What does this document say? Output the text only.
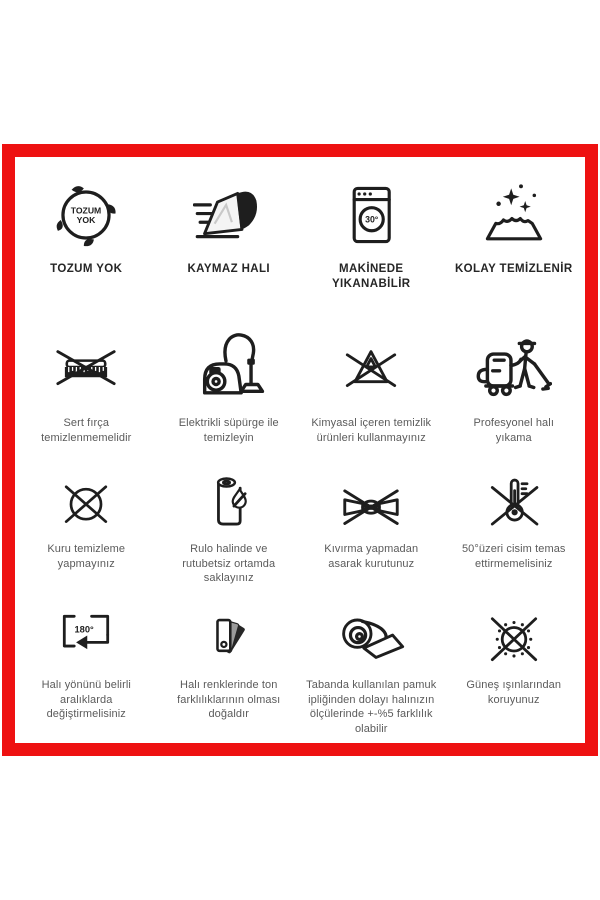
TOZUM
YOK
TOZUM YOK	KAYMAZ HALI
30°
MAKİNEDE YIKANABİLİR
KOLAY TEMİZLENİR
Sert fırça temizlenmemelidir
Elektrikli süpürge ile temizleyin
Kimyasal içeren temizlik ürünleri kullanmayınız
Profesyonel halı yıkama
Kuru temizleme yapmayınız
Rulo halinde ve rutubetsiz ortamda saklayınız
Kıvırma yapmadan asarak kurutunuz
50°üzeri cisim temas ettirmemelisiniz
180°
Halı yönünü belirli aralıklarda değiştirmelisiniz
Halı renklerinde ton farklılıklarının olması doğaldır
Tabanda kullanılan pamuk ipliğinden dolayı halınızın ölçülerinde +-%5 farklılık olabilir
Güneş ışınlarından koruyunuz
